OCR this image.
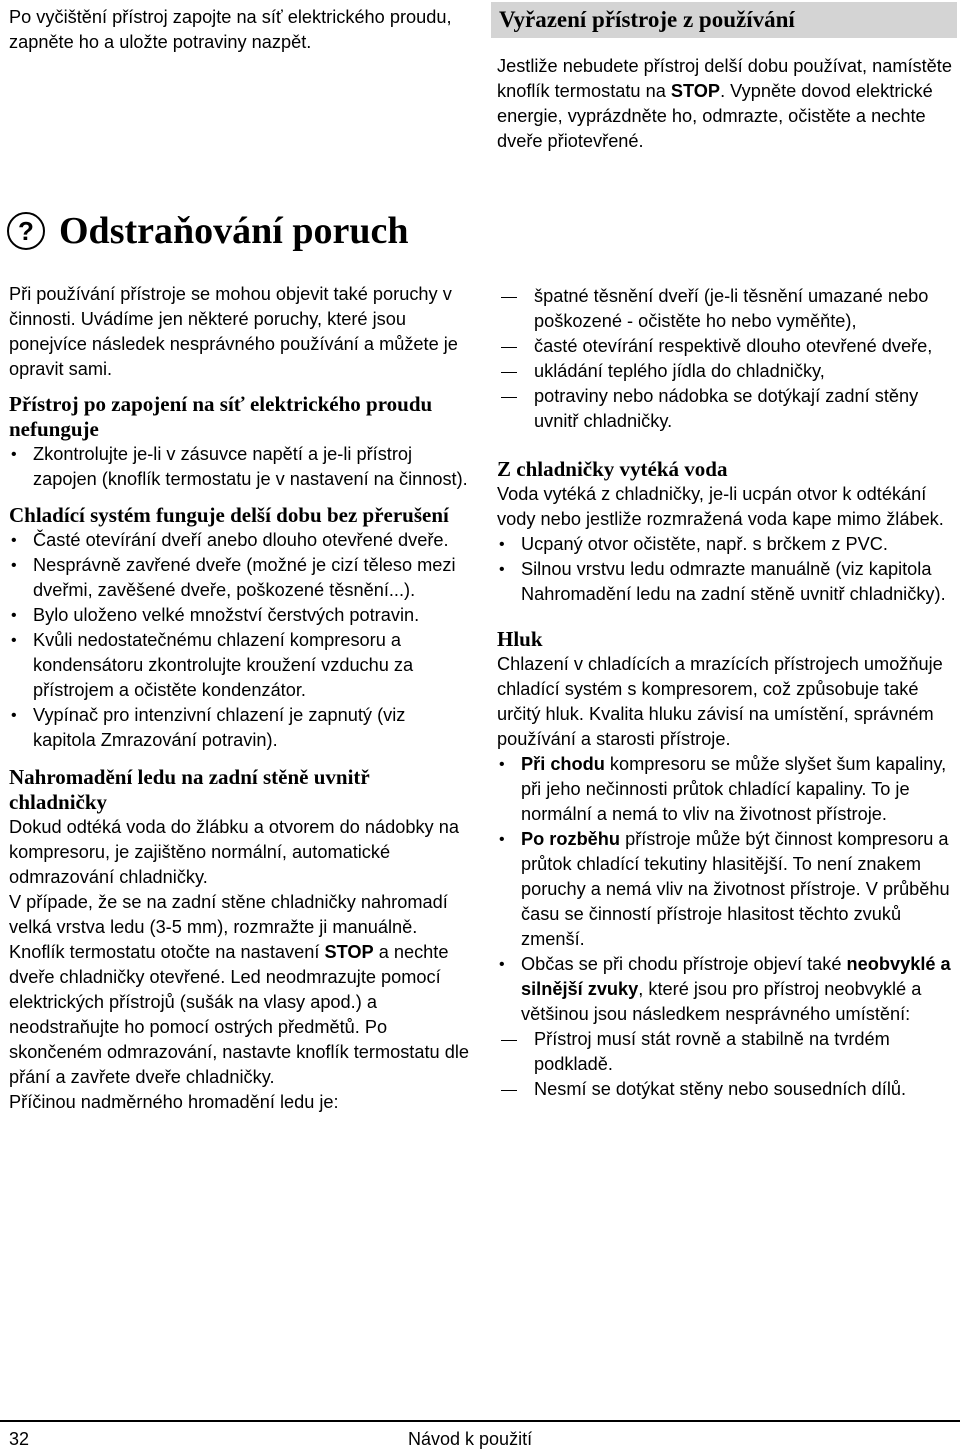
Po vyčištění přístroj zapojte na síť elektrického proudu, zapněte ho a uložte potraviny nazpět.

Vyřazení přístroje z používání

Jestliže nebudete přístroj delší dobu používat, namístěte knoflík termostatu na STOP. Vypněte dovod elektrické energie, vyprázdněte ho, odmrazte, očistěte a nechte dveře přiotevřené.

? Odstraňování poruch

Při používání přístroje se mohou objevit také poruchy v činnosti. Uvádíme jen některé poruchy, které jsou ponejvíce následek nesprávného používání a můžete je opravit sami.

Přístroj po zapojení na síť elektrického proudu nefunguje

• Zkontrolujte je-li v zásuvce napětí a je-li přístroj zapojen (knoflík termostatu je v nastavení na činnost).

Chladící systém funguje delší dobu bez přerušení

• Časté otevírání dveří anebo dlouho otevřené dveře.
• Nesprávně zavřené dveře (možné je cizí těleso mezi dveřmi, zavěšené dveře, poškozené těsnění...).
• Bylo uloženo velké množství čerstvých potravin.
• Kvůli nedostatečnému chlazení kompresoru a kondensátoru zkontrolujte kroužení vzduchu za přístrojem a očistěte kondenzátor.
• Vypínač pro intenzivní chlazení je zapnutý (viz kapitola Zmrazování potravin).

Nahromadění ledu na zadní stěně uvnitř chladničky

Dokud odtéká voda do žlábku a otvorem do nádobky na kompresoru, je zajištěno normální, automatické odmrazování chladničky.

V případe, že se na zadní stěne chladničky nahromadí velká vrstva ledu (3-5 mm), rozmražte ji manuálně.

Knoflík termostatu otočte na nastavení STOP a nechte dveře chladničky otevřené. Led neodmrazujte pomocí elektrických přístrojů (sušák na vlasy apod.) a neodstraňujte ho pomocí ostrých předmětů. Po skončeném odmrazování, nastavte knoflík termostatu dle přání a zavřete dveře chladničky.

Příčinou nadměrného hromadění ledu je:

špatné těsnění dveří (je-li těsnění umazané nebo poškozené - očistěte ho nebo vyměňte),
časté otevírání respektivě dlouho otevřené dveře,
ukládání teplého jídla do chladničky,
potraviny nebo nádobka se dotýkají zadní stěny uvnitř chladničky.

Z chladničky vytéká voda

Voda vytéká z chladničky, je-li ucpán otvor k odtékání vody nebo jestliže rozmražená voda kape mimo žlábek.

• Ucpaný otvor očistěte, např. s brčkem z PVC.
• Silnou vrstvu ledu odmrazte manuálně (viz kapitola Nahromadění ledu na zadní stěně uvnitř chladničky).

Hluk

Chlazení v chladících a mrazících přístrojech umožňuje chladící systém s kompresorem, což způsobuje také určitý hluk. Kvalita hluku závisí na umístění, správném používání a starosti přístroje.

• Při chodu kompresoru se může slyšet šum kapaliny, při jeho nečinnosti průtok chladící kapaliny. To je normální a nemá to vliv na životnost přístroje.
• Po rozběhu přístroje může být činnost kompresoru a průtok chladící tekutiny hlasitější. To není znakem poruchy a nemá vliv na životnost přístroje. V průběhu času se činností přístroje hlasitost těchto zvuků zmenší.
• Občas se při chodu přístroje objeví také neobvyklé a silnější zvuky, které jsou pro přístroj neobvyklé a většinou jsou následkem nesprávného umístění:
Přístroj musí stát rovně a stabilně na tvrdém podkladě.
Nesmí se dotýkat stěny nebo sousedních dílů.
32	Návod k použití
